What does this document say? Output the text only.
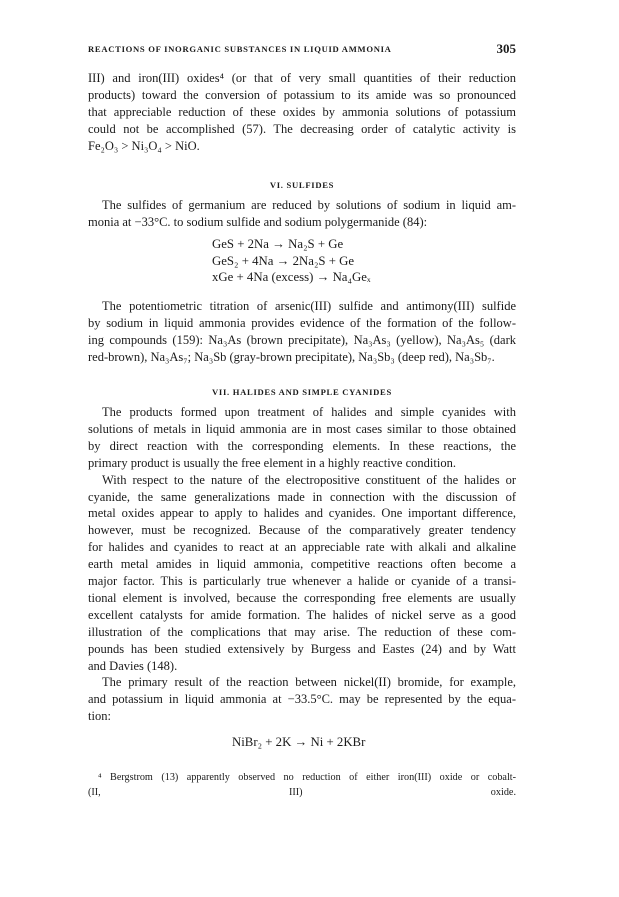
REACTIONS OF INORGANIC SUBSTANCES IN LIQUID AMMONIA	305
III) and iron(III) oxides⁴ (or that of very small quantities of their reduction
products) toward the conversion of potassium to its amide was so pronounced
that appreciable reduction of these oxides by ammonia solutions of potassium
could not be accomplished (57). The decreasing order of catalytic activity is
Fe₂O₃ > Ni₃O₄ > NiO.
VI. SULFIDES
The sulfides of germanium are reduced by solutions of sodium in liquid am-
monia at −33°C. to sodium sulfide and sodium polygermanide (84):
GeS + 2Na → Na₂S + Ge
GeS₂ + 4Na → 2Na₂S + Ge
xGe + 4Na (excess) → Na₄Geₓ
The potentiometric titration of arsenic(III) sulfide and antimony(III) sulfide
by sodium in liquid ammonia provides evidence of the formation of the follow-
ing compounds (159): Na₃As (brown precipitate), Na₃As₃ (yellow), Na₃As₅ (dark
red-brown), Na₃As₇; Na₃Sb (gray-brown precipitate), Na₃Sb₃ (deep red), Na₃Sb₇.
VII. HALIDES AND SIMPLE CYANIDES
The products formed upon treatment of halides and simple cyanides with
solutions of metals in liquid ammonia are in most cases similar to those obtained
by direct reaction with the corresponding elements. In these reactions, the
primary product is usually the free element in a highly reactive condition.
With respect to the nature of the electropositive constituent of the halides or
cyanide, the same generalizations made in connection with the discussion of
metal oxides appear to apply to halides and cyanides. One important difference,
however, must be recognized. Because of the comparatively greater tendency
for halides and cyanides to react at an appreciable rate with alkali and alkaline
earth metal amides in liquid ammonia, competitive reactions often become a
major factor. This is particularly true whenever a halide or cyanide of a transi-
tional element is involved, because the corresponding free elements are usually
excellent catalysts for amide formation. The halides of nickel serve as a good
illustration of the complications that may arise. The reduction of these com-
pounds has been studied extensively by Burgess and Eastes (24) and by Watt
and Davies (148).
The primary result of the reaction between nickel(II) bromide, for example,
and potassium in liquid ammonia at −33.5°C. may be represented by the equa-
tion:
NiBr₂ + 2K → Ni + 2KBr
⁴ Bergstrom (13) apparently observed no reduction of either iron(III) oxide or cobalt-
(II, III) oxide.
